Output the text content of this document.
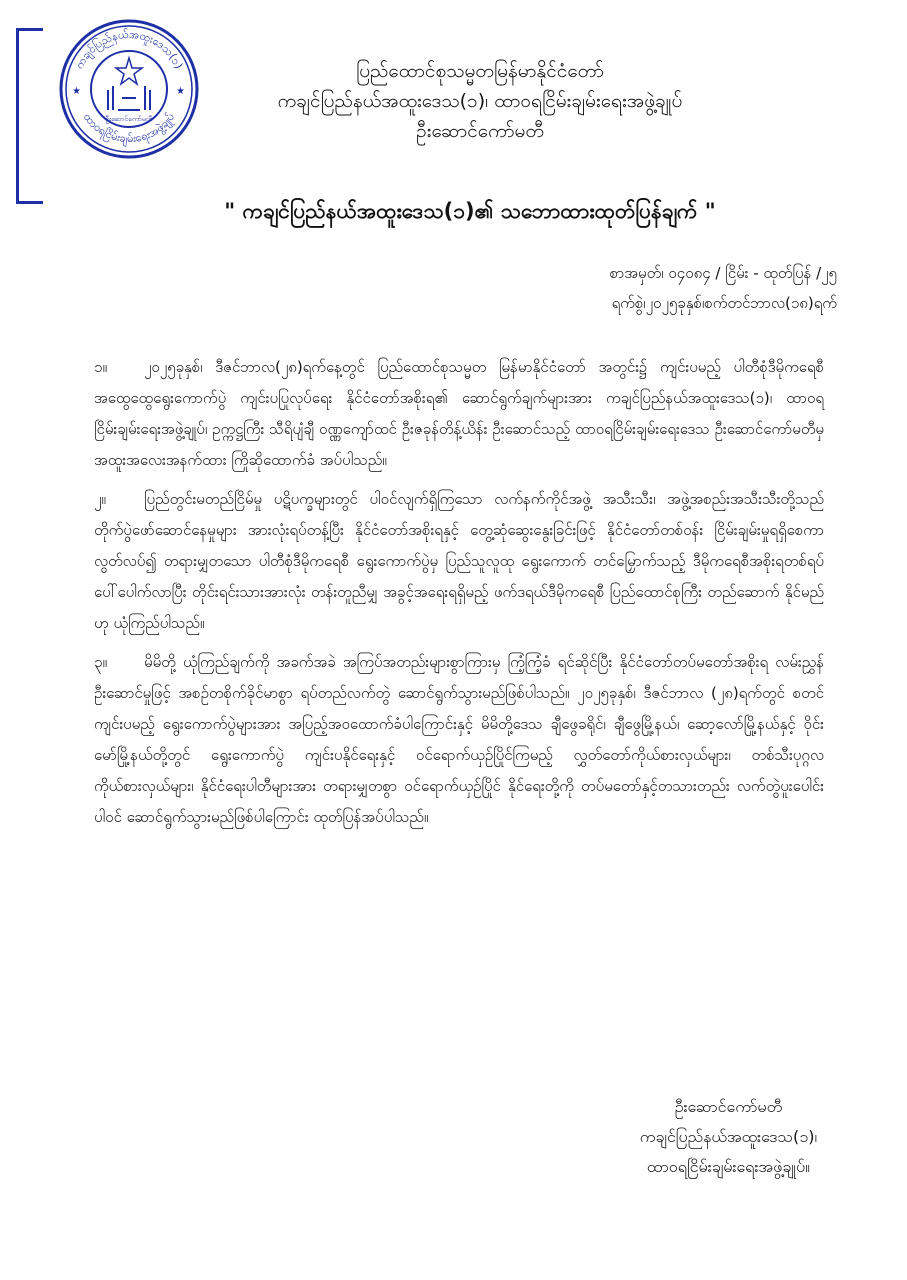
ကချင်ပြည်နယ်အထူးဒေသ(၁)
ထာဝရငြိမ်းချမ်းရေးအဖွဲ့ချုပ်
ဦးဆောင်ကော်မတီ
★	★
ပြည်ထောင်စုသမ္မတမြန်မာနိုင်ငံတော်
ကချင်ပြည်နယ်အထူးဒေသ(၁)၊ ထာဝရငြိမ်းချမ်းရေးအဖွဲ့ချုပ်
ဦးဆောင်ကော်မတီ
" ကချင်ပြည်နယ်အထူးဒေသ(၁)၏ သဘောထားထုတ်ပြန်ချက် "
စာအမှတ်၊ ၀၄၀၈၄ / ငြိမ်း - ထုတ်ပြန် /၂၅
ရက်စွဲ၊၂၀၂၅ခုနှစ်၊စက်တင်ဘာလ(၁၈)ရက်

၁။ ၂၀၂၅ခုနှစ်၊ ဒီဇင်ဘာလ(၂၈)ရက်နေ့တွင် ပြည်ထောင်စုသမ္မတ မြန်မာနိုင်ငံတော် အတွင်း၌ ကျင်းပမည့် ပါတီစုံဒီမိုကရေစီ အထွေထွေရွေးကောက်ပွဲ ကျင်းပပြုလုပ်ရေး နိုင်ငံတော်အစိုးရ၏ ဆောင်ရွက်ချက်များအား ကချင်ပြည်နယ်အထူးဒေသ(၁)၊ ထာဝရ ငြိမ်းချမ်းရေးအဖွဲ့ချုပ်၊ ဥက္ကဋ္ဌကြီး သီရိပျံချီ ဝဏ္ဏကျော်ထင် ဦးဇခုန်တိန့်ယိန်း ဦးဆောင်သည့် ထာဝရငြိမ်းချမ်းရေးဒေသ ဦးဆောင်ကော်မတီမှ အထူးအလေးအနက်ထား ကြိုဆိုထောက်ခံ အပ်ပါသည်။

၂။	ပြည်တွင်းမတည်ငြိမ်မှု ပဋိပက္ခများတွင် ပါဝင်လျက်ရှိကြသော လက်နက်ကိုင်အဖွဲ့ အသီးသီး၊ အဖွဲ့အစည်းအသီးသီးတို့သည် တိုက်ပွဲဖော်ဆောင်နေမှုများ အားလုံးရပ်တန့်ပြီး နိုင်ငံတော်အစိုးရနှင့် တွေ့ဆုံဆွေးနွေးခြင်းဖြင့် နိုင်ငံတော်တစ်ဝန်း ငြိမ်းချမ်းမှုရရှိစေကာ လွတ်လပ်၍ တရားမျှတသော ပါတီစုံဒီမိုကရေစီ ရွေးကောက်ပွဲမှ ပြည်သူလူထု ရွေးကောက် တင်မြှောက်သည့် ဒီမိုကရေစီအစိုးရတစ်ရပ် ပေါ်ပေါက်လာပြီး တိုင်းရင်းသားအားလုံး တန်းတူညီမျှ အခွင့်အရေးရရှိမည့် ဖက်ဒရယ်ဒီမိုကရေစီ ပြည်ထောင်စုကြီး တည်ဆောက် နိုင်မည်ဟု ယုံကြည်ပါသည်။

၃။ မိမိတို့ ယုံကြည်ချက်ကို အခက်အခဲ အကြပ်အတည်းများစွာကြားမှ ကြံ့ကြံ့ခံ ရင်ဆိုင်ပြီး နိုင်ငံတော်တပ်မတော်အစိုးရ လမ်းညွှန်ဦးဆောင်မှုဖြင့် အစဉ်တစိုက်ခိုင်မာစွာ ရပ်တည်လက်တွဲ ဆောင်ရွက်သွားမည်ဖြစ်ပါသည်။ ၂၀၂၅ခုနှစ်၊ ဒီဇင်ဘာလ (၂၈)ရက်တွင် စတင်ကျင်းပမည့် ရွေးကောက်ပွဲများအား အပြည့်အဝထောက်ခံပါကြောင်းနှင့် မိမိတို့ဒေသ ချီဖွေခရိုင်၊ ချီဖွေမြို့နယ်၊ ဆော့လော်မြို့နယ်နှင့် ဝိုင်းမော်မြို့နယ်တို့တွင် ရွေးကောက်ပွဲ ကျင်းပနိုင်ရေးနှင့် ဝင်ရောက်ယှဉ်ပြိုင်ကြမည့် လွှတ်တော်ကိုယ်စားလှယ်များ၊ တစ်သီးပုဂ္ဂလ ကိုယ်စားလှယ်များ၊ နိုင်ငံရေးပါတီများအား တရားမျှတစွာ ဝင်ရောက်ယှဉ်ပြိုင် နိုင်ရေးတို့ကို တပ်မတော်နှင့်တသားတည်း လက်တွဲပူးပေါင်းပါဝင် ဆောင်ရွက်သွားမည်ဖြစ်ပါကြောင်း ထုတ်ပြန်အပ်ပါသည်။

ဦးဆောင်ကော်မတီ
ကချင်ပြည်နယ်အထူးဒေသ(၁)၊
ထာဝရငြိမ်းချမ်းရေးအဖွဲ့ချုပ်။
